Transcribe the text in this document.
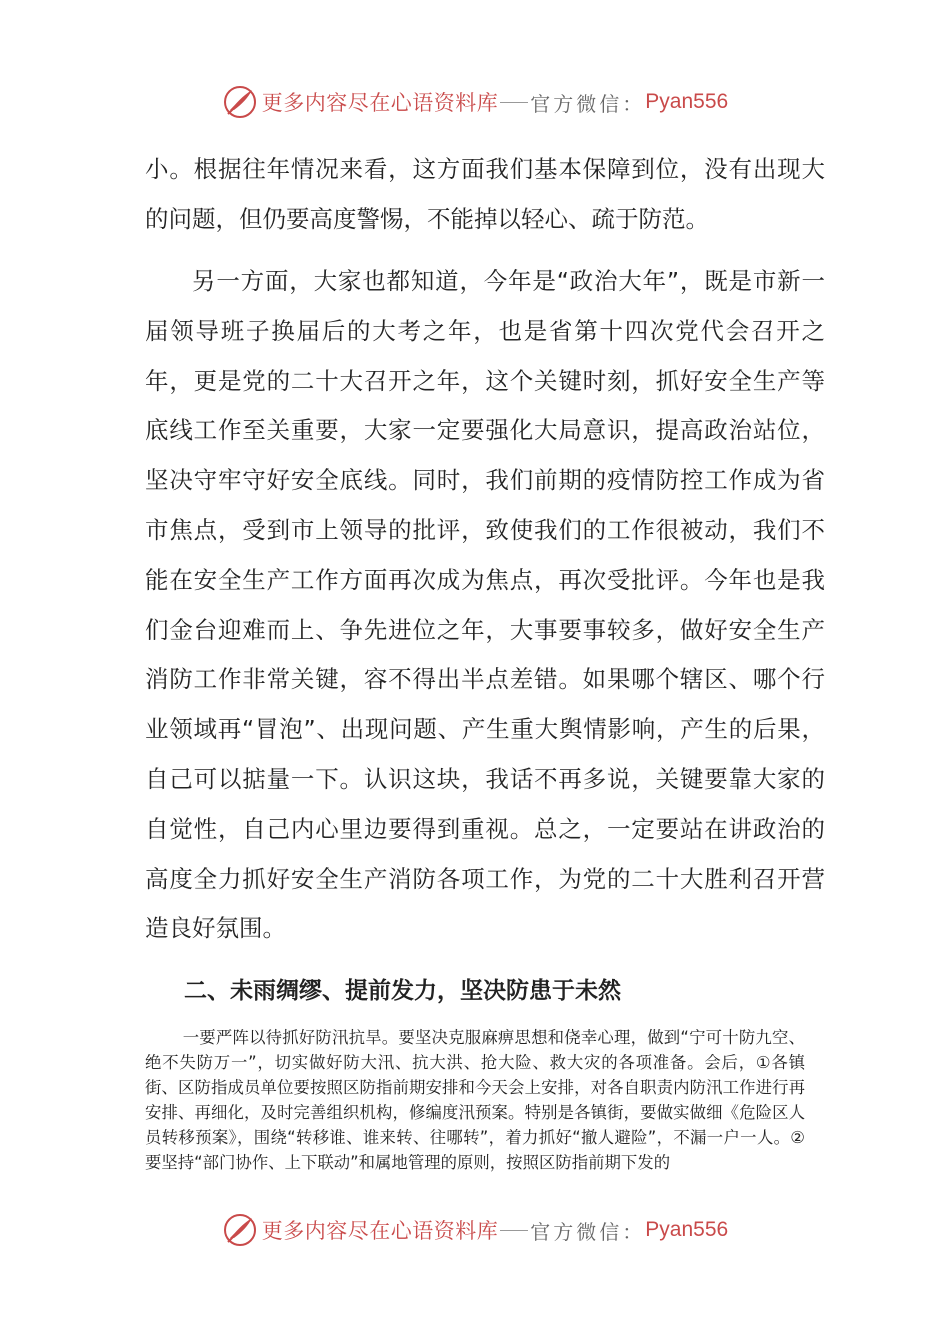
更多内容尽在心语资料库 官方微信： Pyan556

小。根据往年情况来看，这方面我们基本保障到位，没有出现大的问题，但仍要高度警惕，不能掉以轻心、疏于防范。

另一方面，大家也都知道，今年是“政治大年”，既是市新一届领导班子换届后的大考之年，也是省第十四次党代会召开之年，更是党的二十大召开之年，这个关键时刻，抓好安全生产等底线工作至关重要，大家一定要强化大局意识，提高政治站位，坚决守牢守好安全底线。同时，我们前期的疫情防控工作成为省市焦点，受到市上领导的批评，致使我们的工作很被动，我们不能在安全生产工作方面再次成为焦点，再次受批评。今年也是我们金台迎难而上、争先进位之年，大事要事较多，做好安全生产消防工作非常关键，容不得出半点差错。如果哪个辖区、哪个行业领域再“冒泡”、出现问题、产生重大舆情影响，产生的后果，自己可以掂量一下。认识这块，我话不再多说，关键要靠大家的自觉性，自己内心里边要得到重视。总之，一定要站在讲政治的高度全力抓好安全生产消防各项工作，为党的二十大胜利召开营造良好氛围。

二、未雨绸缪、提前发力，坚决防患于未然

一要严阵以待抓好防汛抗旱。要坚决克服麻痹思想和侥幸心理，做到“宁可十防九空、绝不失防万一”，切实做好防大汛、抗大洪、抢大险、救大灾的各项准备。会后，①各镇街、区防指成员单位要按照区防指前期安排和今天会上安排，对各自职责内防汛工作进行再安排、再细化，及时完善组织机构，修编度汛预案。特别是各镇街，要做实做细《危险区人员转移预案》，围绕“转移谁、谁来转、往哪转”，着力抓好“撤人避险”，不漏一户一人。②要坚持“部门协作、上下联动”和属地管理的原则，按照区防指前期下发的

更多内容尽在心语资料库 官方微信： Pyan556
